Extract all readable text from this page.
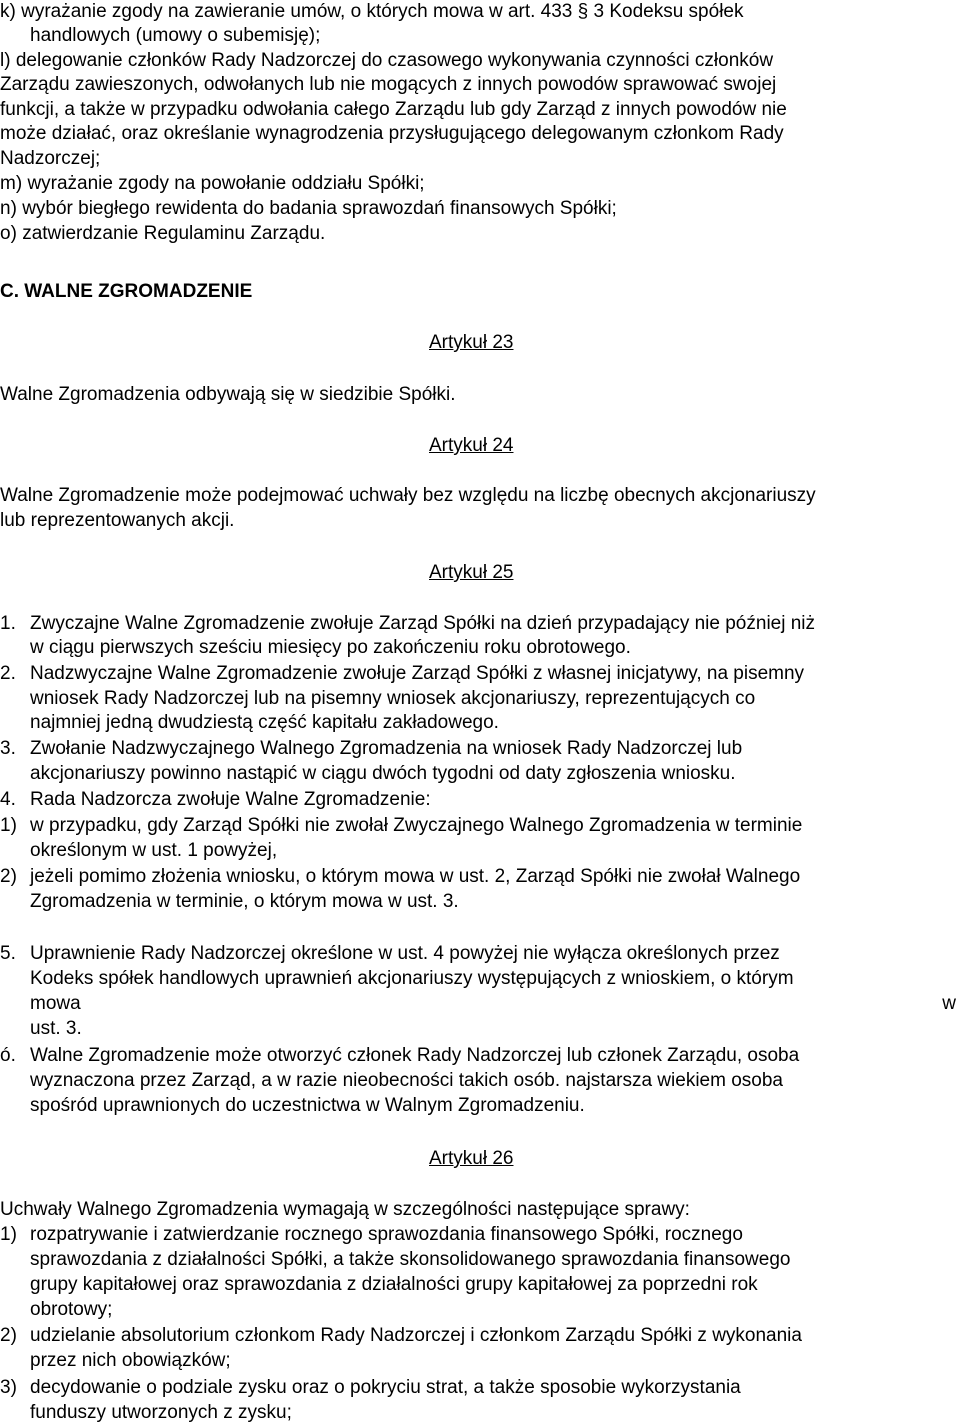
k) wyrażanie zgody na zawieranie umów, o których mowa w art. 433 § 3 Kodeksu spółek
handlowych (umowy o subemisję);
l) delegowanie członków Rady Nadzorczej do czasowego wykonywania czynności członków
Zarządu zawieszonych, odwołanych lub nie mogących z innych powodów sprawować swojej
funkcji, a także w przypadku odwołania całego Zarządu lub gdy Zarząd z innych powodów nie
może działać, oraz określanie wynagrodzenia przysługującego delegowanym członkom Rady
Nadzorczej;
m) wyrażanie zgody na powołanie oddziału Spółki;
n) wybór biegłego rewidenta do badania sprawozdań finansowych Spółki;
o) zatwierdzanie Regulaminu Zarządu.
C. WALNE ZGROMADZENIE
Artykuł 23
Walne Zgromadzenia odbywają się w siedzibie Spółki.
Artykuł 24
Walne Zgromadzenie może podejmować uchwały bez względu na liczbę obecnych akcjonariuszy
lub reprezentowanych akcji.
Artykuł 25
1. Zwyczajne Walne Zgromadzenie zwołuje Zarząd Spółki na dzień przypadający nie później niż
w ciągu pierwszych sześciu miesięcy po zakończeniu roku obrotowego.
2. Nadzwyczajne Walne Zgromadzenie zwołuje Zarząd Spółki z własnej inicjatywy, na pisemny
wniosek Rady Nadzorczej lub na pisemny wniosek akcjonariuszy, reprezentujących co
najmniej jedną dwudziestą część kapitału zakładowego.
3. Zwołanie Nadzwyczajnego Walnego Zgromadzenia na wniosek Rady Nadzorczej lub
akcjonariuszy powinno nastąpić w ciągu dwóch tygodni od daty zgłoszenia wniosku.
4. Rada Nadzorcza zwołuje Walne Zgromadzenie:
1) w przypadku, gdy Zarząd Spółki nie zwołał Zwyczajnego Walnego Zgromadzenia w terminie
określonym w ust. 1 powyżej,
2) jeżeli pomimo złożenia wniosku, o którym mowa w ust. 2, Zarząd Spółki nie zwołał Walnego
Zgromadzenia w terminie, o którym mowa w ust. 3.
5. Uprawnienie Rady Nadzorczej określone w ust. 4 powyżej nie wyłącza określonych przez
Kodeks spółek handlowych uprawnień akcjonariuszy występujących z wnioskiem, o którym
mowa	w
ust. 3.
ó. Walne Zgromadzenie może otworzyć członek Rady Nadzorczej lub członek Zarządu, osoba
wyznaczona przez Zarząd, a w razie nieobecności takich osób. najstarsza wiekiem osoba
spośród uprawnionych do uczestnictwa w Walnym Zgromadzeniu.
Artykuł 26
Uchwały Walnego Zgromadzenia wymagają w szczególności następujące sprawy:
1) rozpatrywanie i zatwierdzanie rocznego sprawozdania finansowego Spółki, rocznego
sprawozdania z działalności Spółki, a także skonsolidowanego sprawozdania finansowego
grupy kapitałowej oraz sprawozdania z działalności grupy kapitałowej za poprzedni rok
obrotowy;
2) udzielanie absolutorium członkom Rady Nadzorczej i członkom Zarządu Spółki z wykonania
przez nich obowiązków;
3) decydowanie o podziale zysku oraz o pokryciu strat, a także sposobie wykorzystania
funduszy utworzonych z zysku;
